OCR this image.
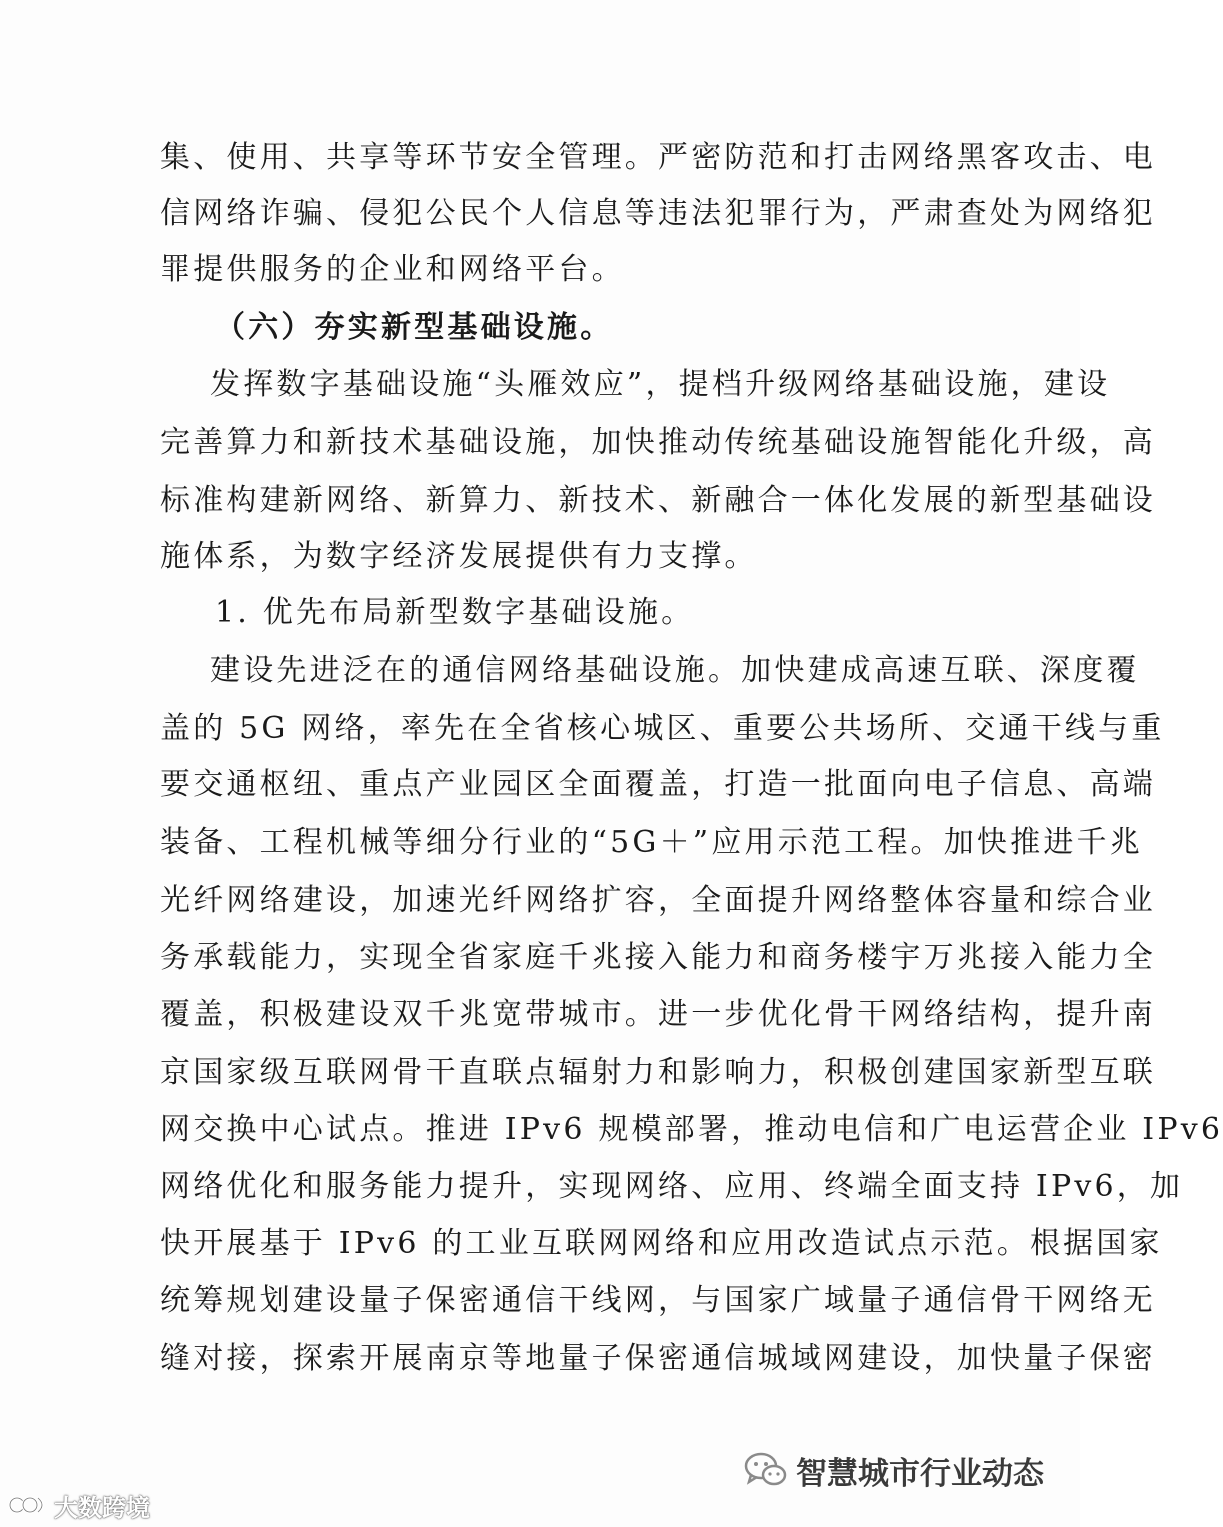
集、使用、共享等环节安全管理。严密防范和打击网络黑客攻击、电
信网络诈骗、侵犯公民个人信息等违法犯罪行为，严肃查处为网络犯
罪提供服务的企业和网络平台。
（六）夯实新型基础设施。
发挥数字基础设施“头雁效应”，提档升级网络基础设施，建设
完善算力和新技术基础设施，加快推动传统基础设施智能化升级，高
标准构建新网络、新算力、新技术、新融合一体化发展的新型基础设
施体系，为数字经济发展提供有力支撑。
1. 优先布局新型数字基础设施。
建设先进泛在的通信网络基础设施。加快建成高速互联、深度覆
盖的 5G 网络，率先在全省核心城区、重要公共场所、交通干线与重
要交通枢纽、重点产业园区全面覆盖，打造一批面向电子信息、高端
装备、工程机械等细分行业的“5G＋”应用示范工程。加快推进千兆
光纤网络建设，加速光纤网络扩容，全面提升网络整体容量和综合业
务承载能力，实现全省家庭千兆接入能力和商务楼宇万兆接入能力全
覆盖，积极建设双千兆宽带城市。进一步优化骨干网络结构，提升南
京国家级互联网骨干直联点辐射力和影响力，积极创建国家新型互联
网交换中心试点。推进 IPv6 规模部署，推动电信和广电运营企业 IPv6
网络优化和服务能力提升，实现网络、应用、终端全面支持 IPv6，加
快开展基于 IPv6 的工业互联网网络和应用改造试点示范。根据国家
统筹规划建设量子保密通信干线网，与国家广域量子通信骨干网络无
缝对接，探索开展南京等地量子保密通信城域网建设，加快量子保密
智慧城市行业动态
大数跨境
